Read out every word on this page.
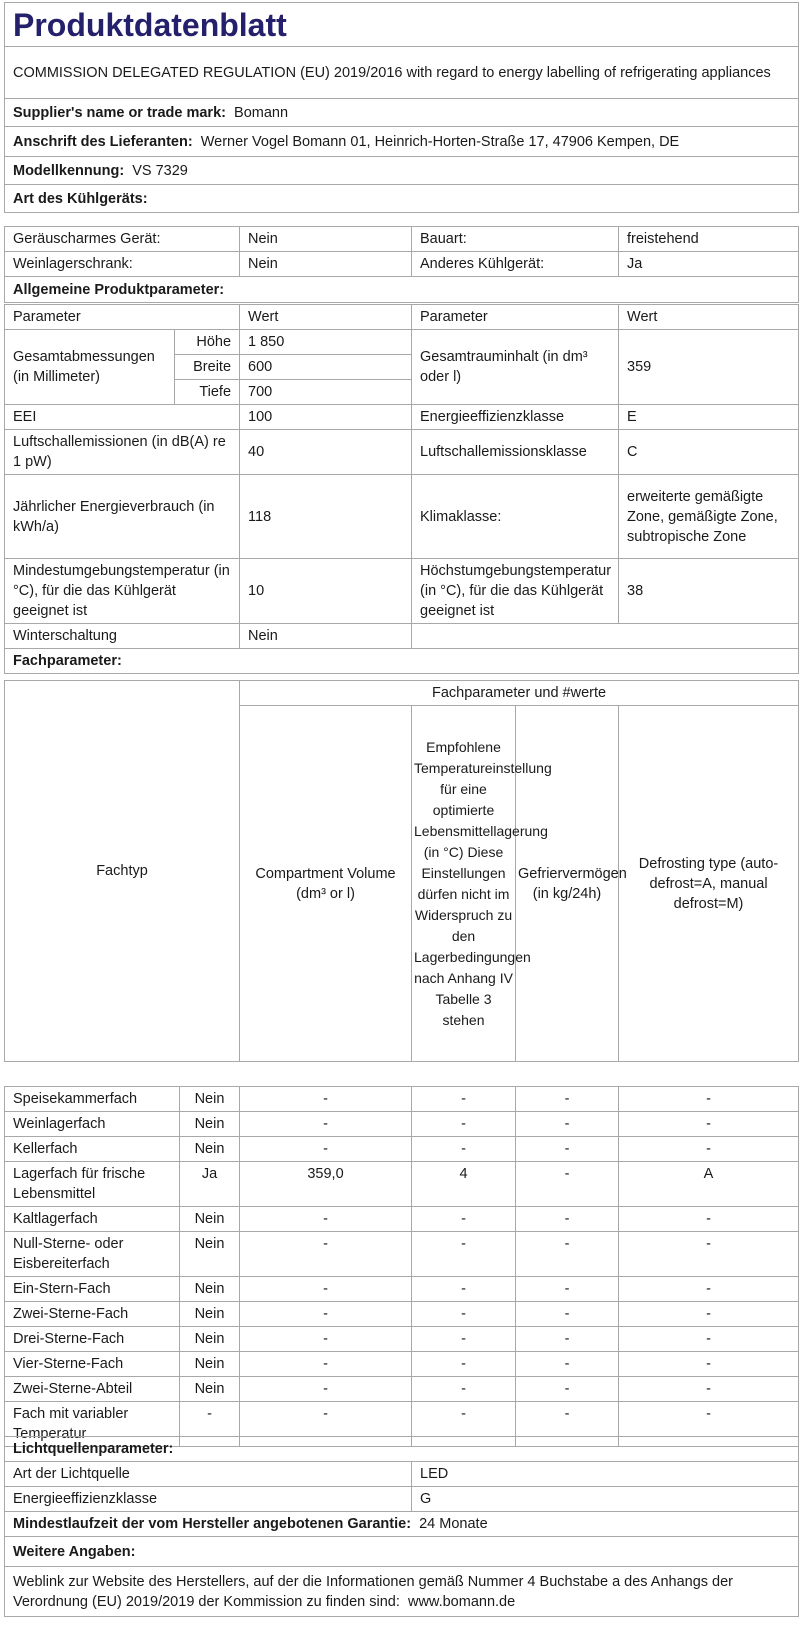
Produktdatenblatt
COMMISSION DELEGATED REGULATION (EU) 2019/2016 with regard to energy labelling of refrigerating appliances
Supplier's name or trade mark: Bomann
Anschrift des Lieferanten: Werner Vogel Bomann 01, Heinrich-Horten-Straße 17, 47906 Kempen, DE
Modellkennung: VS 7329
Art des Kühlgeräts:
Geräuscharmes Gerät:	Nein	Bauart:	freistehend
Weinlagerschrank:	Nein	Anderes Kühlgerät:	Ja
Allgemeine Produktparameter:			
Parameter		Wert	Parameter	Wert
Gesamtabmessungen (in Millimeter)	Höhe	1 850	Gesamtrauminhalt (in dm³ oder l)	359
	Breite	600		
	Tiefe	700		
EEI		100	Energieeffizienzklasse	E
Luftschallemissionen (in dB(A) re 1 pW)		40	Luftschallemissionsklasse	C
Jährlicher Energieverbrauch (in kWh/a)		118	Klimaklasse:	erweiterte gemäßigte Zone, gemäßigte Zone, subtropische Zone
Mindestumgebungstemperatur (in °C), für die das Kühlgerät geeignet ist		10	Höchstumgebungstemperatur (in °C), für die das Kühlgerät geeignet ist	38
Winterschaltung		Nein		
Fachparameter:				
Fachtyp	Fachparameter und #werte			
	Compartment Volume (dm³ or l)	Empfohlene Temperatureinstellung für eine optimierte Lebensmittellagerung (in °C) Diese Einstellungen dürfen nicht im Widerspruch zu den Lagerbedingungen nach Anhang IV Tabelle 3 stehen	Gefriervermögen (in kg/24h)	Defrosting type (auto-defrost=A, manual defrost=M)
Speisekammerfach	Nein	-	-	-	-
Weinlagerfach	Nein	-	-	-	-
Kellerfach	Nein	-	-	-	-
Lagerfach für frische Lebensmittel	Ja	359,0	4	-	A
Kaltlagerfach	Nein	-	-	-	-
Null-Sterne- oder Eisbereiterfach	Nein	-	-	-	-
Ein-Stern-Fach	Nein	-	-	-	-
Zwei-Sterne-Fach	Nein	-	-	-	-
Drei-Sterne-Fach	Nein	-	-	-	-
Vier-Sterne-Fach	Nein	-	-	-	-
Zwei-Sterne-Abteil	Nein	-	-	-	-
Fach mit variabler Temperatur	-	-	-	-	-
Lichtquellenparameter:	
Art der Lichtquelle	LED
Energieeffizienzklasse	G
Mindestlaufzeit der vom Hersteller angebotenen Garantie: 24 Monate	
Weitere Angaben:	
Weblink zur Website des Herstellers, auf der die Informationen gemäß Nummer 4 Buchstabe a des Anhangs der Verordnung (EU) 2019/2019 der Kommission zu finden sind: www.bomann.de	
